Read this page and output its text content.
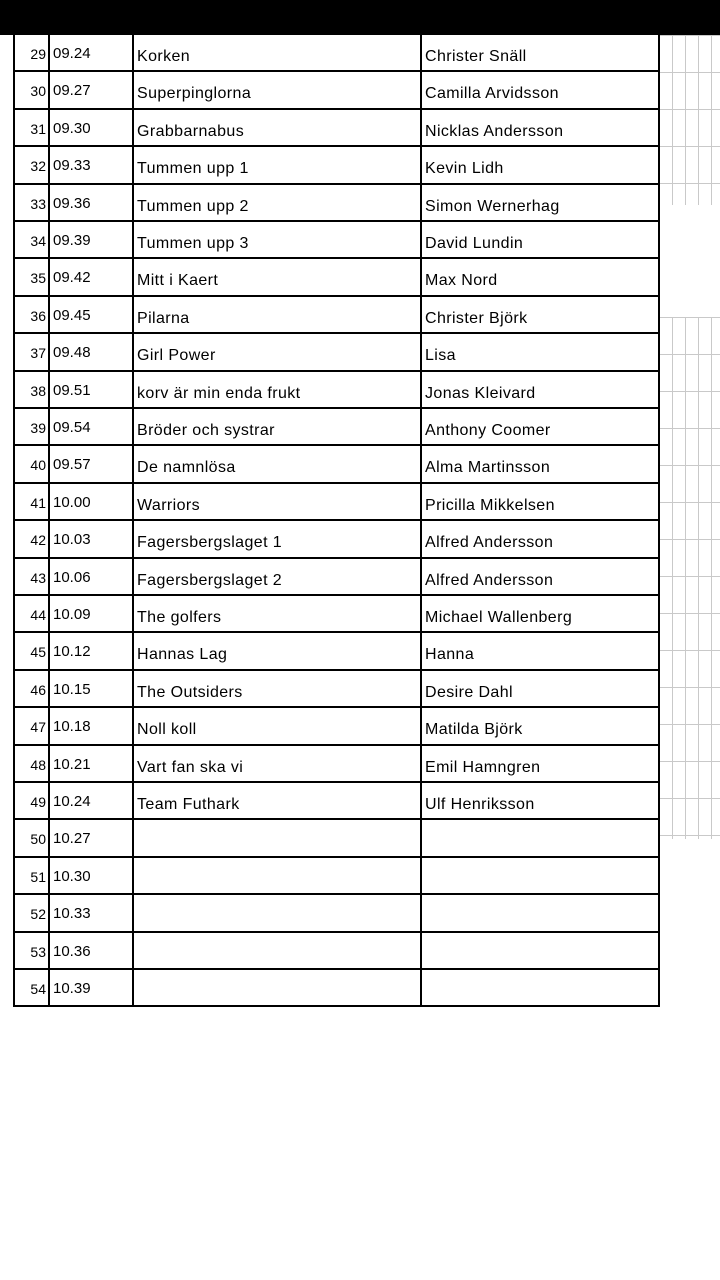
29 09.24	Korken	Christer Snäll
30 09.27	Superpinglorna	Camilla Arvidsson
31 09.30	Grabbarnabus	Nicklas Andersson
32 09.33	Tummen upp 1	Kevin Lidh
33 09.36	Tummen upp 2	Simon Wernerhag
34 09.39	Tummen upp 3	David Lundin
35 09.42	Mitt i Kaert	Max Nord
36 09.45	Pilarna	Christer Björk
37 09.48	Girl Power	Lisa
38 09.51	korv är min enda frukt	Jonas Kleivard
39 09.54	Bröder och systrar	Anthony Coomer
40 09.57	De namnlösa	Alma Martinsson
41 10.00	Warriors	Pricilla Mikkelsen
42 10.03	Fagersbergslaget 1	Alfred Andersson
43 10.06	Fagersbergslaget 2	Alfred Andersson
44 10.09	The golfers	Michael Wallenberg
45 10.12	Hannas Lag	Hanna
46 10.15	The Outsiders	Desire Dahl
47 10.18	Noll koll	Matilda Björk
48 10.21	Vart fan ska vi	Emil Hamngren
49 10.24	Team Futhark	Ulf Henriksson
50 10.27
51 10.30
52 10.33
53 10.36
54 10.39
